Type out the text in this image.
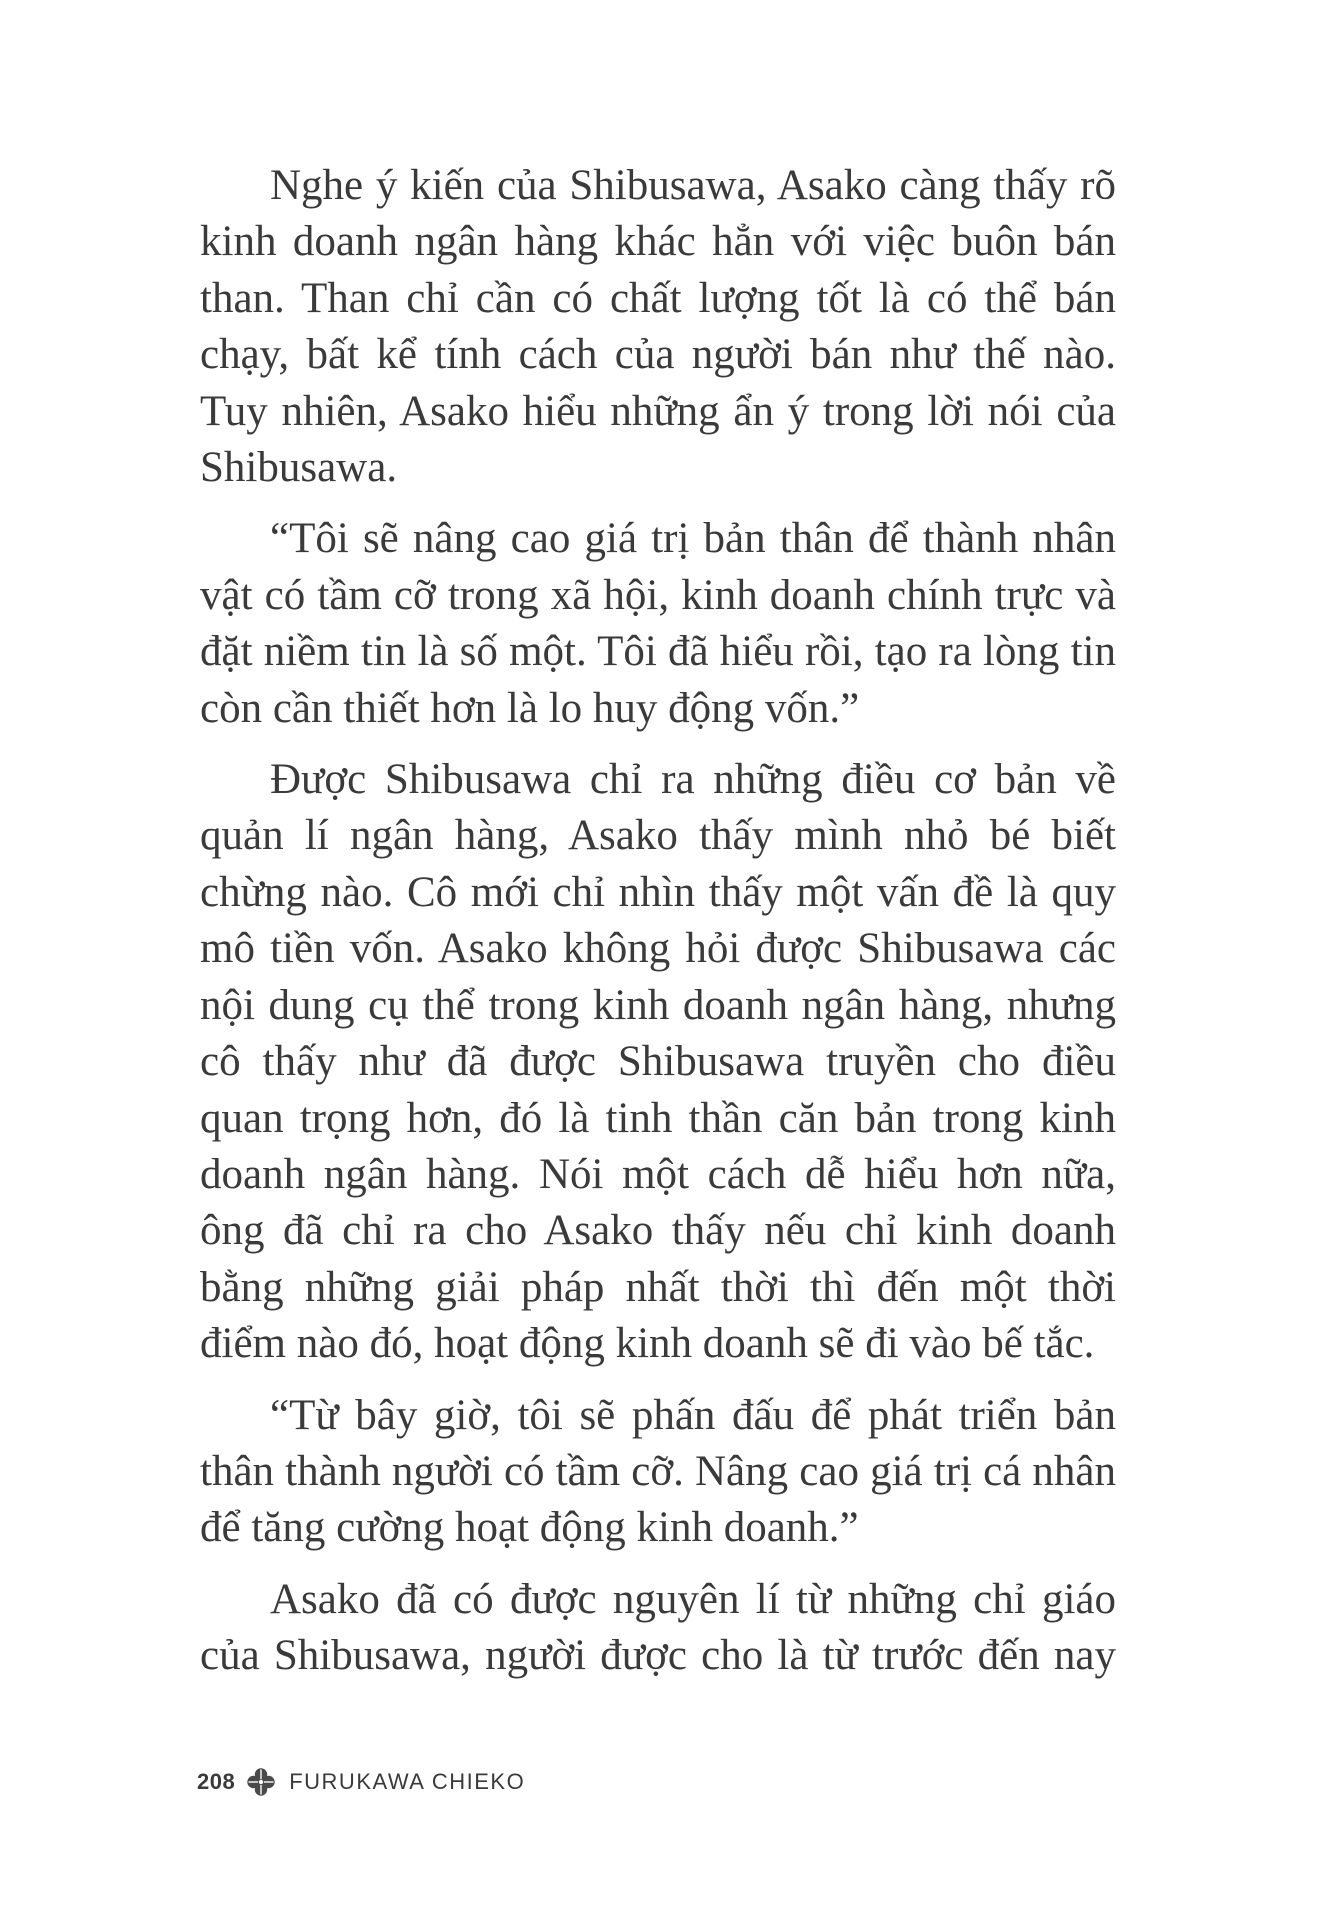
Nghe ý kiến của Shibusawa, Asako càng thấy rõ kinh doanh ngân hàng khác hẳn với việc buôn bán than. Than chỉ cần có chất lượng tốt là có thể bán chạy, bất kể tính cách của người bán như thế nào. Tuy nhiên, Asako hiểu những ẩn ý trong lời nói của Shibusawa.

“Tôi sẽ nâng cao giá trị bản thân để thành nhân vật có tầm cỡ trong xã hội, kinh doanh chính trực và đặt niềm tin là số một. Tôi đã hiểu rồi, tạo ra lòng tin còn cần thiết hơn là lo huy động vốn.”

Được Shibusawa chỉ ra những điều cơ bản về quản lí ngân hàng, Asako thấy mình nhỏ bé biết chừng nào. Cô mới chỉ nhìn thấy một vấn đề là quy mô tiền vốn. Asako không hỏi được Shibusawa các nội dung cụ thể trong kinh doanh ngân hàng, nhưng cô thấy như đã được Shibusawa truyền cho điều quan trọng hơn, đó là tinh thần căn bản trong kinh doanh ngân hàng. Nói một cách dễ hiểu hơn nữa, ông đã chỉ ra cho Asako thấy nếu chỉ kinh doanh bằng những giải pháp nhất thời thì đến một thời điểm nào đó, hoạt động kinh doanh sẽ đi vào bế tắc.

“Từ bây giờ, tôi sẽ phấn đấu để phát triển bản thân thành người có tầm cỡ. Nâng cao giá trị cá nhân để tăng cường hoạt động kinh doanh.”

Asako đã có được nguyên lí từ những chỉ giáo của Shibusawa, người được cho là từ trước đến nay

208 FURUKAWA CHIEKO
